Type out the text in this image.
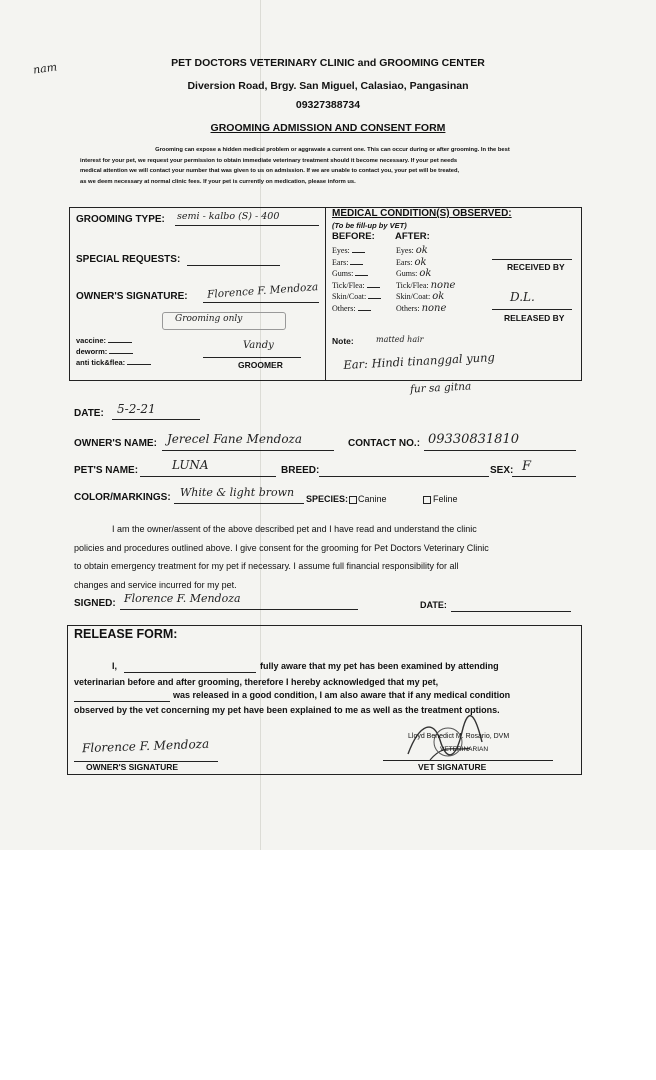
nam	PET DOCTORS VETERINARY CLINIC and GROOMING CENTER
Diversion Road, Brgy. San Miguel, Calasiao, Pangasinan
09327388734
GROOMING ADMISSION AND CONSENT FORM
Grooming can expose a hidden medical problem or aggravate a current one. This can occur during or after grooming. In the best
interest for your pet, we request your permission to obtain immediate veterinary treatment should it become necessary. If your pet needs
medical attention we will contact your number that was given to us on admission. If we are unable to contact you, your pet will be treated,
as we deem necessary at normal clinic fees. If your pet is currently on medication, please inform us.
GROOMING TYPE: semi - kalbo (S) - 400
SPECIAL REQUESTS:
OWNER'S SIGNATURE: Florence F. Mendoza
Grooming only
vaccine:
deworm:
anti tick&flea:
Vandy
GROOMER
MEDICAL CONDITION(S) OBSERVED:
(To be fill-up by VET)
BEFORE: AFTER:
Eyes:
Ears:
Gums:
Tick/Flea:
Skin/Coat:
Others:
Eyes: ok
Ears: ok
Gums: ok
Tick/Flea: none
Skin/Coat: ok
Others: none
RECEIVED BY
D.L.
RELEASED BY
Note:	matted hair
Ear: Hindi tinanggal yung
fur sa gitna
DATE: 5-2-21
OWNER'S NAME: Jerecel Fane Mendoza	CONTACT NO.: 09330831810
PET'S NAME:	LUNA	BREED:	SEX: F
COLOR/MARKINGS: White & light brown SPECIES: Canine	Feline
I am the owner/assent of the above described pet and I have read and understand the clinic
policies and procedures outlined above. I give consent for the grooming for Pet Doctors Veterinary Clinic
to obtain emergency treatment for my pet if necessary. I assume full financial responsibility for all
changes and service incurred for my pet.
SIGNED: Florence F. Mendoza	DATE:
RELEASE FORM:
I,	fully aware that my pet has been examined by attending
veterinarian before and after grooming, therefore I hereby acknowledged that my pet,
was released in a good condition, I am also aware that if any medical condition
observed by the vet concerning my pet have been explained to me as well as the treatment options.
Florence F. Mendoza
OWNER'S SIGNATURE
Lloyd Benedict M. Rosario, DVM
VETERINARIAN
VET SIGNATURE
